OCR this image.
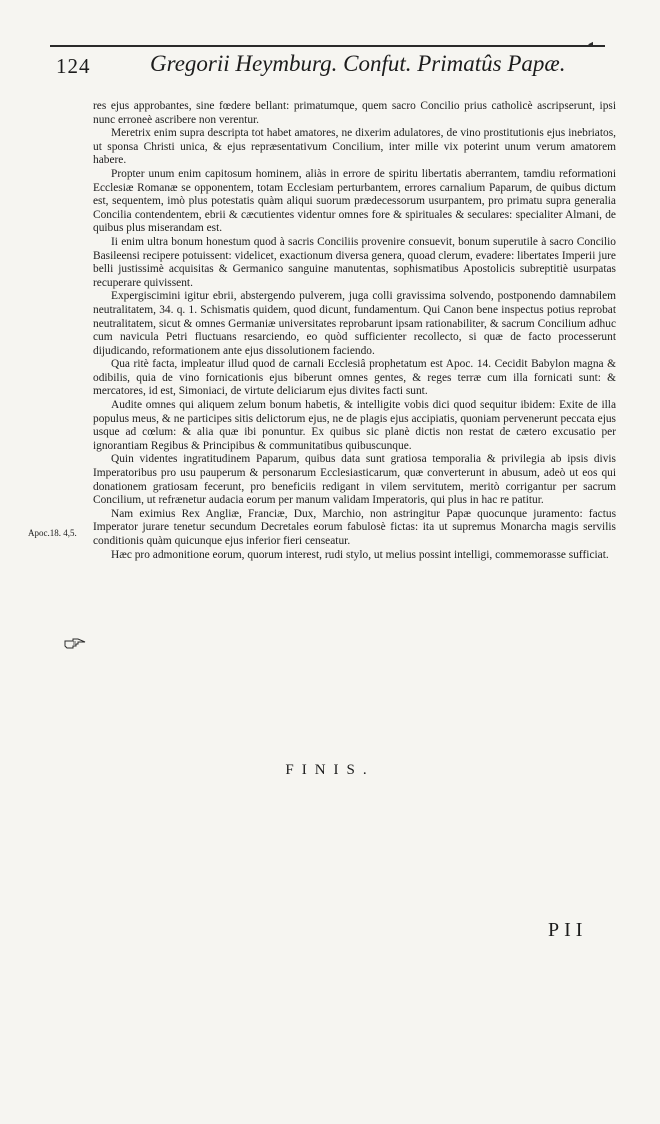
◂
124	Gregorii Heymburg. Confut. Primatûs Papæ.

res ejus approbantes, sine fœdere bellant: primatumque, quem sacro Concilio prius catholicè ascripserunt, ipsi nunc erroneè ascribere non verentur.

Meretrix enim supra descripta tot habet amatores, ne dixerim adulatores, de vino prostitutionis ejus inebriatos, ut sponsa Christi unica, & ejus repræsentativum Concilium, inter mille vix poterint unum verum amatorem habere.

Propter unum enim capitosum hominem, aliàs in errore de spiritu libertatis aberrantem, tamdiu reformationi Ecclesiæ Romanæ se opponentem, totam Ecclesiam perturbantem, errores carnalium Paparum, de quibus dictum est, sequentem, imò plus potestatis quàm aliqui suorum prædecessorum usurpantem, pro primatu supra generalia Concilia contendentem, ebrii & cæcutientes videntur omnes fore & spirituales & seculares: specialiter Almani, de quibus plus miserandam est.

Ii enim ultra bonum honestum quod à sacris Conciliis provenire consuevit, bonum superutile à sacro Concilio Basileensi recipere potuissent: videlicet, exactionum diversa genera, quoad clerum, evadere: libertates Imperii jure belli justissimè acquisitas & Germanico sanguine manutentas, sophismatibus Apostolicis subreptitiè usurpatas recuperare quivissent.

Expergiscimini igitur ebrii, abstergendo pulverem, juga colli gravissima solvendo, postponendo damnabilem neutralitatem, 34. q. 1. Schismatis quidem, quod dicunt, fundamentum. Qui Canon bene inspectus potius reprobat neutralitatem, sicut & omnes Germaniæ universitates reprobarunt ipsam rationabiliter, & sacrum Concilium adhuc cum navicula Petri fluctuans resarciendo, eo quòd sufficienter recollecto, si quæ de facto processerunt dijudicando, reformationem ante ejus dissolutionem faciendo.

Qua ritè facta, impleatur illud quod de carnali Ecclesiâ prophetatum est Apoc. 14. Cecidit Babylon magna & odibilis, quia de vino fornicationis ejus biberunt omnes gentes, & reges terræ cum illa fornicati sunt: & mercatores, id est, Simoniaci, de virtute deliciarum ejus divites facti sunt.

Audite omnes qui aliquem zelum bonum habetis, & intelligite vobis dici quod sequitur ibidem: Exite de illa populus meus, & ne participes sitis delictorum ejus, ne de plagis ejus accipiatis, quoniam pervenerunt peccata ejus usque ad cœlum: & alia quæ ibi ponuntur. Ex quibus sic planè dictis non restat de cætero excusatio per ignorantiam Regibus & Principibus & communitatibus quibuscunque.

Quin videntes ingratitudinem Paparum, quibus data sunt gratiosa temporalia & privilegia ab ipsis divis Imperatoribus pro usu pauperum & personarum Ecclesiasticarum, quæ converterunt in abusum, adeò ut eos qui donationem gratiosam fecerunt, pro beneficiis redigant in vilem servitutem, meritò corrigantur per sacrum Concilium, ut refrænetur audacia eorum per manum validam Imperatoris, qui plus in hac re patitur.

Nam eximius Rex Angliæ, Franciæ, Dux, Marchio, non astringitur Papæ quocunque juramento: factus Imperator jurare tenetur secundum Decretales eorum fabulosè fictas: ita ut supremus Monarcha magis servilis conditionis quàm quicunque ejus inferior fieri censeatur.

Hæc pro admonitione eorum, quorum interest, rudi stylo, ut melius possint intelligi, commemorasse sufficiat.

Apoc.18. 4,5.
FINIS.
PII
